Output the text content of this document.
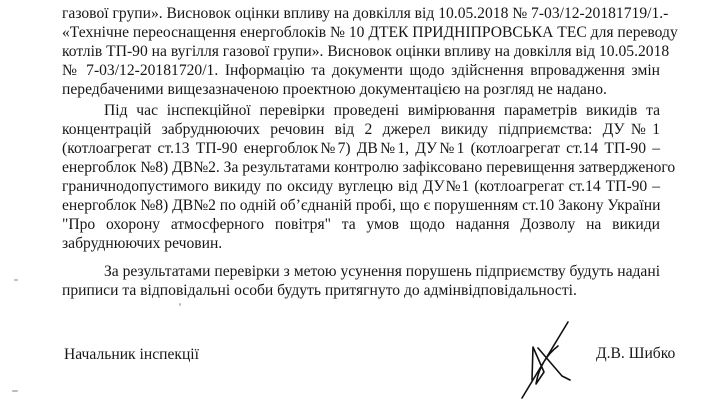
газової групи». Висновок оцінки впливу на довкілля від 10.05.2018 № 7-03/12-20181719/1.-
«Технічне переоснащення енергоблоків № 10 ДТЕК ПРИДНІПРОВСЬКА ТЕС для переводу
котлів ТП-90 на вугілля газової групи». Висновок оцінки впливу на довкілля від 10.05.2018
№ 7-03/12-20181720/1. Інформацію та документи щодо здійснення впровадження змін
передбаченими вищезазначеною проектною документацією на розгляд не надано.
Під час інспекційної перевірки проведені вимірювання параметрів викидів та
концентрацій забруднюючих речовин від 2 джерел викиду підприємства: ДУ№1
(котлоагрегат ст.13 ТП-90 енергоблок№7) ДВ№1, ДУ№1 (котлоагрегат ст.14 ТП-90 –
енергоблок №8) ДВ№2. За результатами контролю зафіксовано перевищення затвердженого
граничнодопустимого викиду по оксиду вуглецю від ДУ№1 (котлоагрегат ст.14 ТП-90 –
енергоблок №8) ДВ№2 по одній об’єднаній пробі, що є порушенням ст.10 Закону України
"Про охорону атмосферного повітря" та умов щодо надання Дозволу на викиди
забруднюючих речовин.
За результатами перевірки з метою усунення порушень підприємству будуть надані
приписи та відповідальні особи будуть притягнуто до адмінвідповідальності.
Начальник інспекції	Д.В. Шибко
